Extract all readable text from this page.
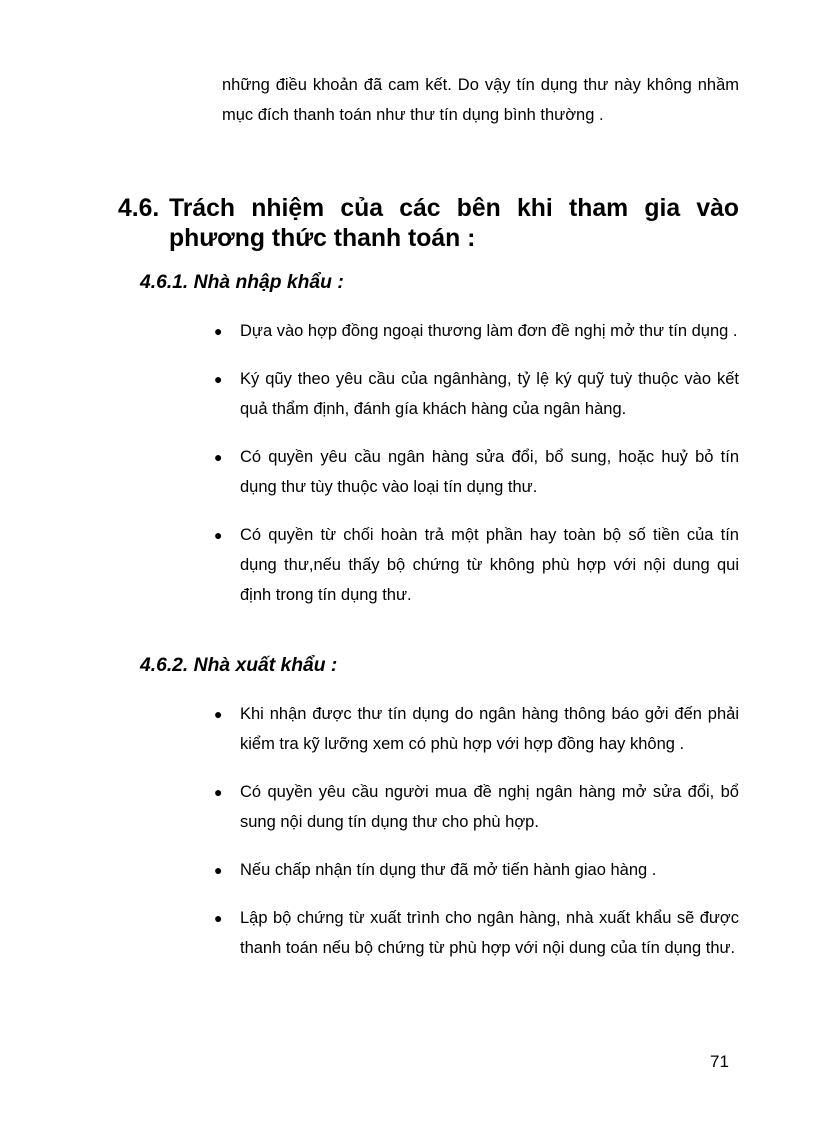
những điều khoản đã cam kết. Do vậy tín dụng thư này không nhầm mục đích thanh toán như thư tín dụng bình thường .

4.6. Trách nhiệm của các bên khi tham gia vào phương thức thanh toán :
4.6.1. Nhà nhập khẩu :
● Dựa vào hợp đồng ngoại thương làm đơn đề nghị mở thư tín dụng .
● Ký qũy theo yêu cầu của ngânhàng, tỷ lệ ký quỹ tuỳ thuộc vào kết quả thẩm định, đánh gía khách hàng của ngân hàng.
● Có quyền yêu cầu ngân hàng sửa đổi, bổ sung, hoặc huỷ bỏ tín dụng thư tùy thuộc vào loại tín dụng thư.
● Có quyền từ chối hoàn trả một phần hay toàn bộ số tiền của tín dụng thư,nếu thấy bộ chứng từ không phù hợp với nội dung qui định trong tín dụng thư.
4.6.2. Nhà xuất khẩu :
● Khi nhận được thư tín dụng do ngân hàng thông báo gởi đến phải kiểm tra kỹ lưỡng xem có phù hợp với hợp đồng hay không .
● Có quyền yêu cầu người mua đề nghị ngân hàng mở sửa đổi, bổ sung nội dung tín dụng thư cho phù hợp.
● Nếu chấp nhận tín dụng thư đã mở tiến hành giao hàng .
● Lập bộ chứng từ xuất trình cho ngân hàng, nhà xuất khẩu sẽ được thanh toán nếu bộ chứng từ phù hợp với nội dung của tín dụng thư.

71
